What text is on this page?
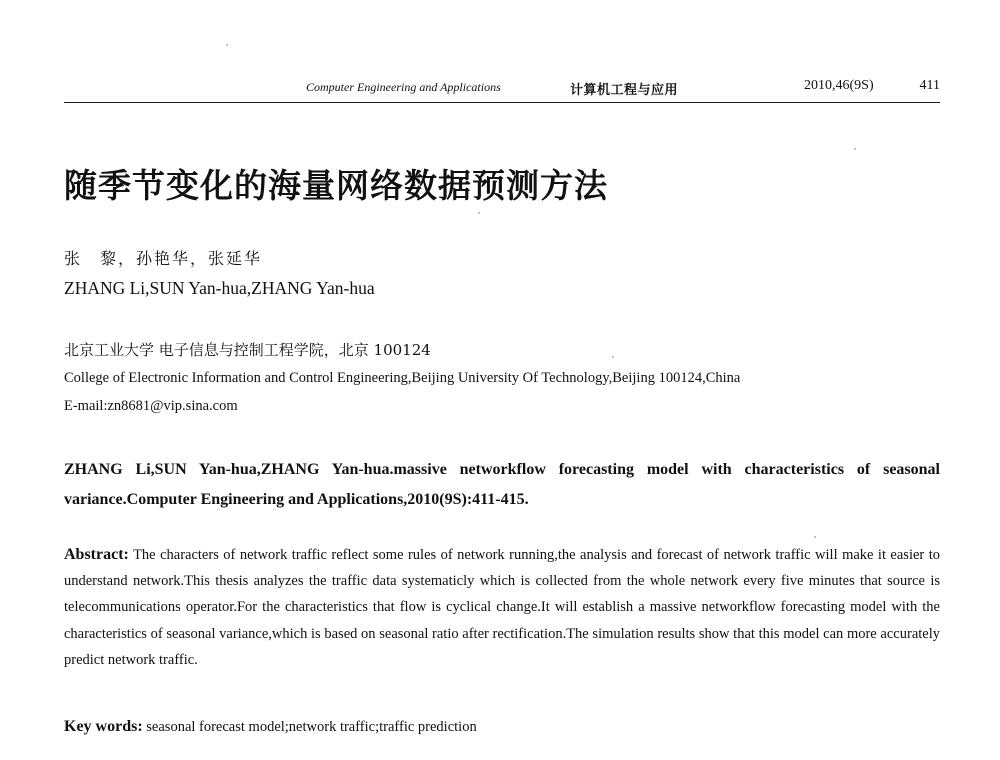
Computer Engineering and Applications	计算机工程与应用	2010,46(9S)	411
随季节变化的海量网络数据预测方法
张　黎，孙艳华，张延华
ZHANG Li,SUN Yan-hua,ZHANG Yan-hua
北京工业大学 电子信息与控制工程学院，北京 100124
College of Electronic Information and Control Engineering,Beijing University Of Technology,Beijing 100124,China
E-mail:zn8681@vip.sina.com
ZHANG Li,SUN Yan-hua,ZHANG Yan-hua.massive networkflow forecasting model with characteristics of seasonal variance.Computer Engineering and Applications,2010(9S):411-415.
Abstract: The characters of network traffic reflect some rules of network running,the analysis and forecast of network traffic will make it easier to understand network.This thesis analyzes the traffic data systematicly which is collected from the whole network every five minutes that source is telecommunications operator.For the characteristics that flow is cyclical change.It will establish a massive networkflow forecasting model with the characteristics of seasonal variance,which is based on seasonal ratio after rectification.The simulation results show that this model can more accurately predict network traffic.
Key words: seasonal forecast model;network traffic;traffic prediction
